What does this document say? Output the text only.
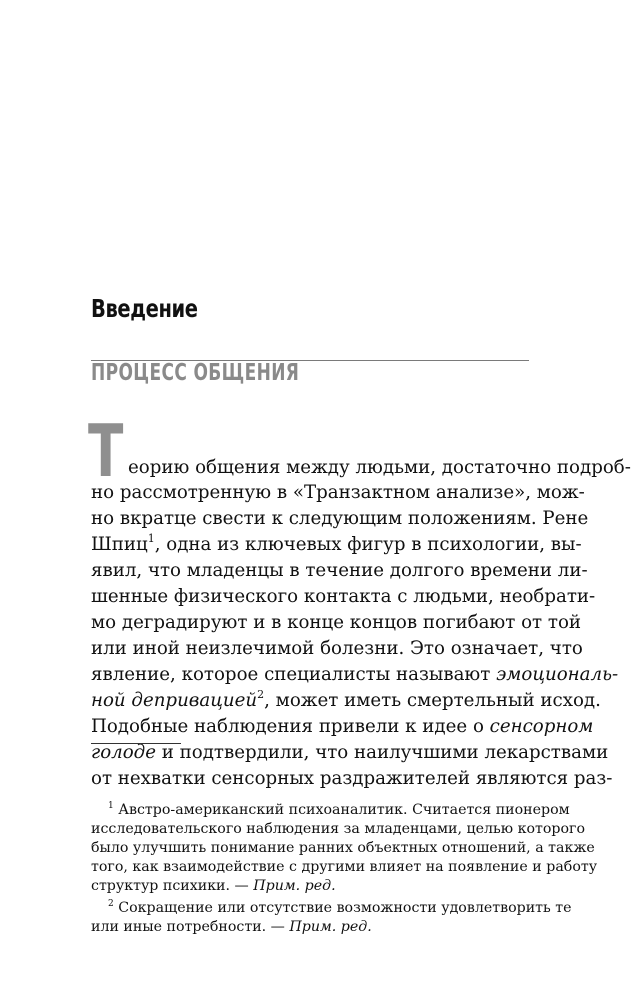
Введение
ПРОЦЕСС ОБЩЕНИЯ
Т еорию общения между людьми, достаточно подроб-
но рассмотренную в «Транзактном анализе», мож-
но вкратце свести к следующим положениям. Рене
Шпиц$^1$, одна из ключевых фигур в психологии, вы-
явил, что младенцы в течение долгого времени ли-
шенные физического контакта с людьми, необрати-
мо деградируют и в конце концов погибают от той
или иной неизлечимой болезни. Это означает, что
явление, которое специалисты называют эмоциональ-
ной депривацией$^2$, может иметь смертельный исход.
Подобные наблюдения привели к идее о сенсорном
голоде и подтвердили, что наилучшими лекарствами
от нехватки сенсорных раздражителей являются раз-
$^1$ Австро-американский психоаналитик. Считается пионером
исследовательского наблюдения за младенцами, целью которого
было улучшить понимание ранних объектных отношений, а также
того, как взаимодействие с другими влияет на появление и работу
структур психики. — Прим. ред.
$^2$ Сокращение или отсутствие возможности удовлетворить те
или иные потребности. — Прим. ред.
